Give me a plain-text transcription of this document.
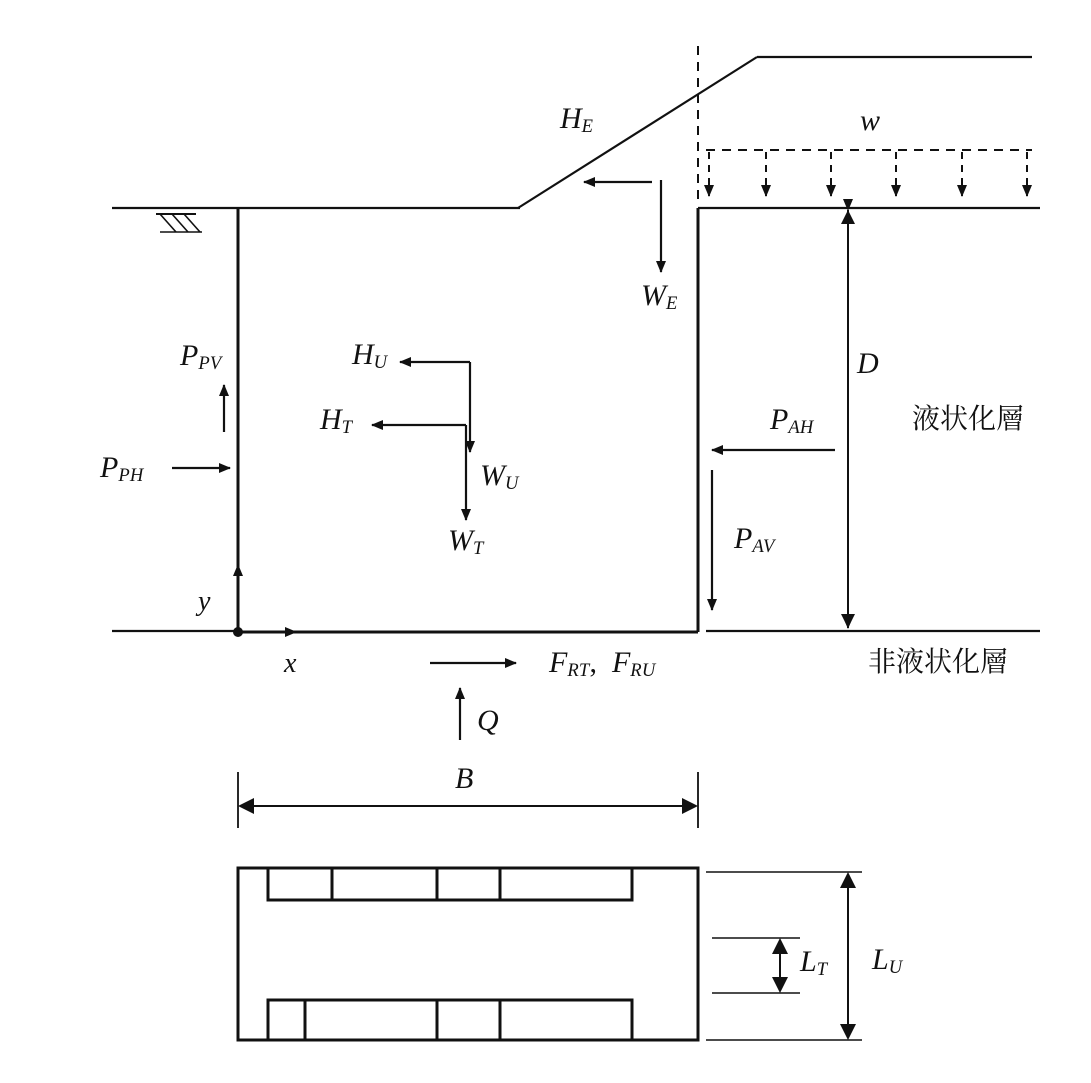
$H_E$	w
$W_E$
D
$H_U$
$H_T$
$W_U$
$W_T$
$P_{PV}$
$P_{PH}$
$P_{AH}$
$P_{AV}$
y
x	$F_{RT}$, $F_{RU}$
Q
B
$L_T$ $L_U$
液状化層
非液状化層
